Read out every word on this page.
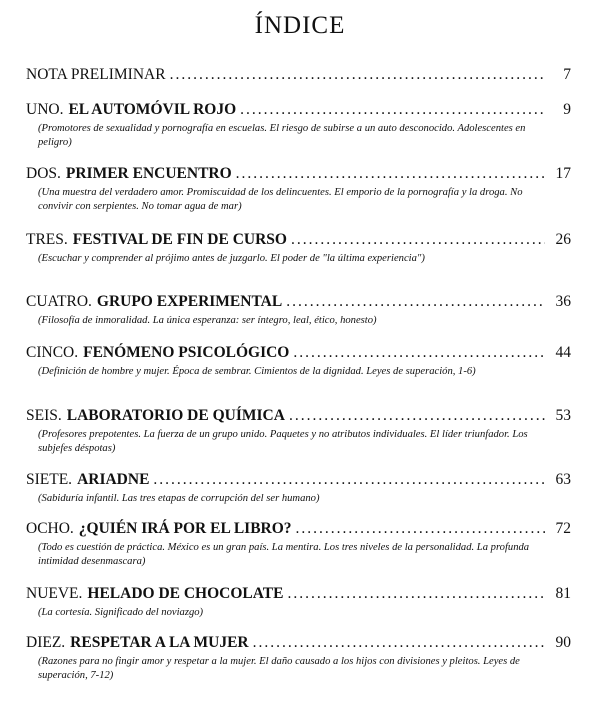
ÍNDICE
NOTA PRELIMINAR .....	7
UNO. EL AUTOMÓVIL ROJO .....	9
(Promotores de sexualidad y pornografía en escuelas. El riesgo de subirse a un auto desconocido. Adolescentes en peligro)
DOS. PRIMER ENCUENTRO .....	17
(Una muestra del verdadero amor. Promiscuidad de los delincuentes. El emporio de la pornografía y la droga. No convivir con serpientes. No tomar agua de mar)
TRES. FESTIVAL DE FIN DE CURSO .....	26
(Escuchar y comprender al prójimo antes de juzgarlo. El poder de "la última experiencia")
CUATRO. GRUPO EXPERIMENTAL .....	36
(Filosofía de inmoralidad. La única esperanza: ser íntegro, leal, ético, honesto)
CINCO. FENÓMENO PSICOLÓGICO .....	44
(Definición de hombre y mujer. Época de sembrar. Cimientos de la dignidad. Leyes de superación, 1-6)
SEIS. LABORATORIO DE QUÍMICA .....	53
(Profesores prepotentes. La fuerza de un grupo unido. Paquetes y no atributos individuales. El líder triunfador. Los subjefes déspotas)
SIETE. ARIADNE .....	63
(Sabiduría infantil. Las tres etapas de corrupción del ser humano)
OCHO. ¿QUIÉN IRÁ POR EL LIBRO? .....	72
(Todo es cuestión de práctica. México es un gran país. La mentira. Los tres niveles de la personalidad. La profunda intimidad desenmascara)
NUEVE. HELADO DE CHOCOLATE .....	81
(La cortesía. Significado del noviazgo)
DIEZ. RESPETAR A LA MUJER .....	90
(Razones para no fingir amor y respetar a la mujer. El daño causado a los hijos con divisiones y pleitos. Leyes de superación, 7-12)
